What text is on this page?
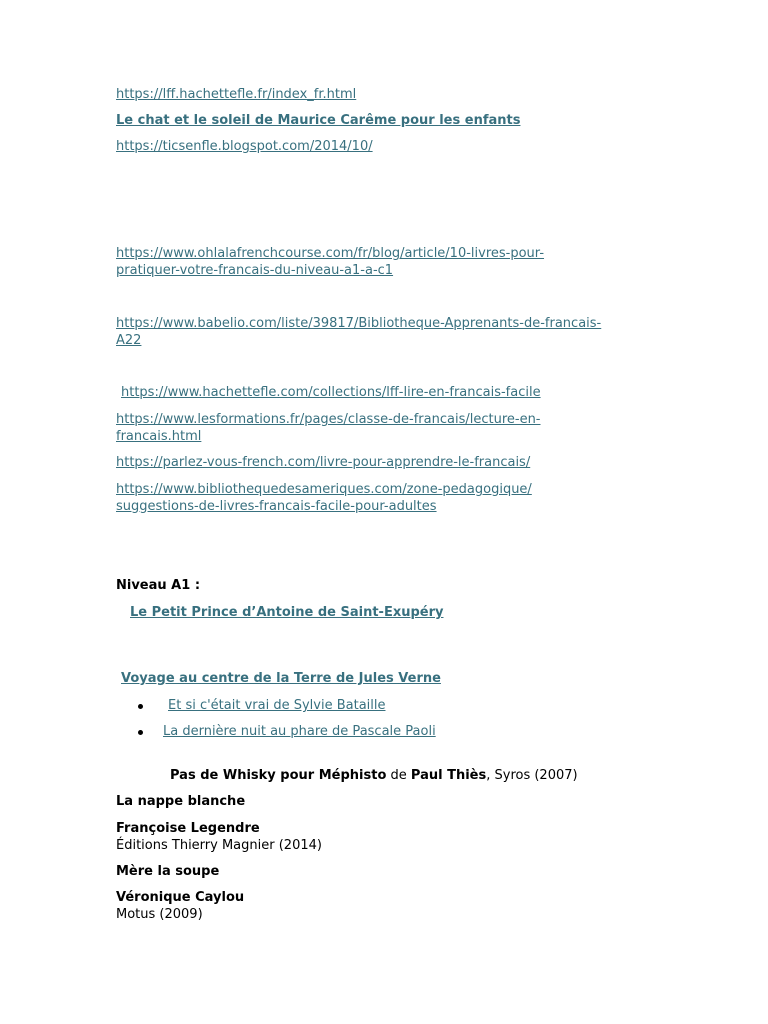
https://lff.hachettefle.fr/index_fr.html

Le chat et le soleil de Maurice Carême pour les enfants

https://ticsenfle.blogspot.com/2014/10/

https://www.ohlalafrenchcourse.com/fr/blog/article/10-livres-pour-
pratiquer-votre-francais-du-niveau-a1-a-c1

https://www.babelio.com/liste/39817/Bibliotheque-Apprenants-de-francais-
A22

https://www.hachettefle.com/collections/lff-lire-en-francais-facile

https://www.lesformations.fr/pages/classe-de-francais/lecture-en-
francais.html

https://parlez-vous-french.com/livre-pour-apprendre-le-francais/

https://www.bibliothequedesameriques.com/zone-pedagogique/
suggestions-de-livres-francais-facile-pour-adultes

Niveau A1 :

Le Petit Prince d’Antoine de Saint-Exupéry

Voyage au centre de la Terre de Jules Verne

Et si c'était vrai de Sylvie Bataille

La dernière nuit au phare de Pascale Paoli

Pas de Whisky pour Méphisto de Paul Thiès, Syros (2007)

La nappe blanche

Françoise Legendre
Éditions Thierry Magnier (2014)

Mère la soupe

Véronique Caylou
Motus (2009)
